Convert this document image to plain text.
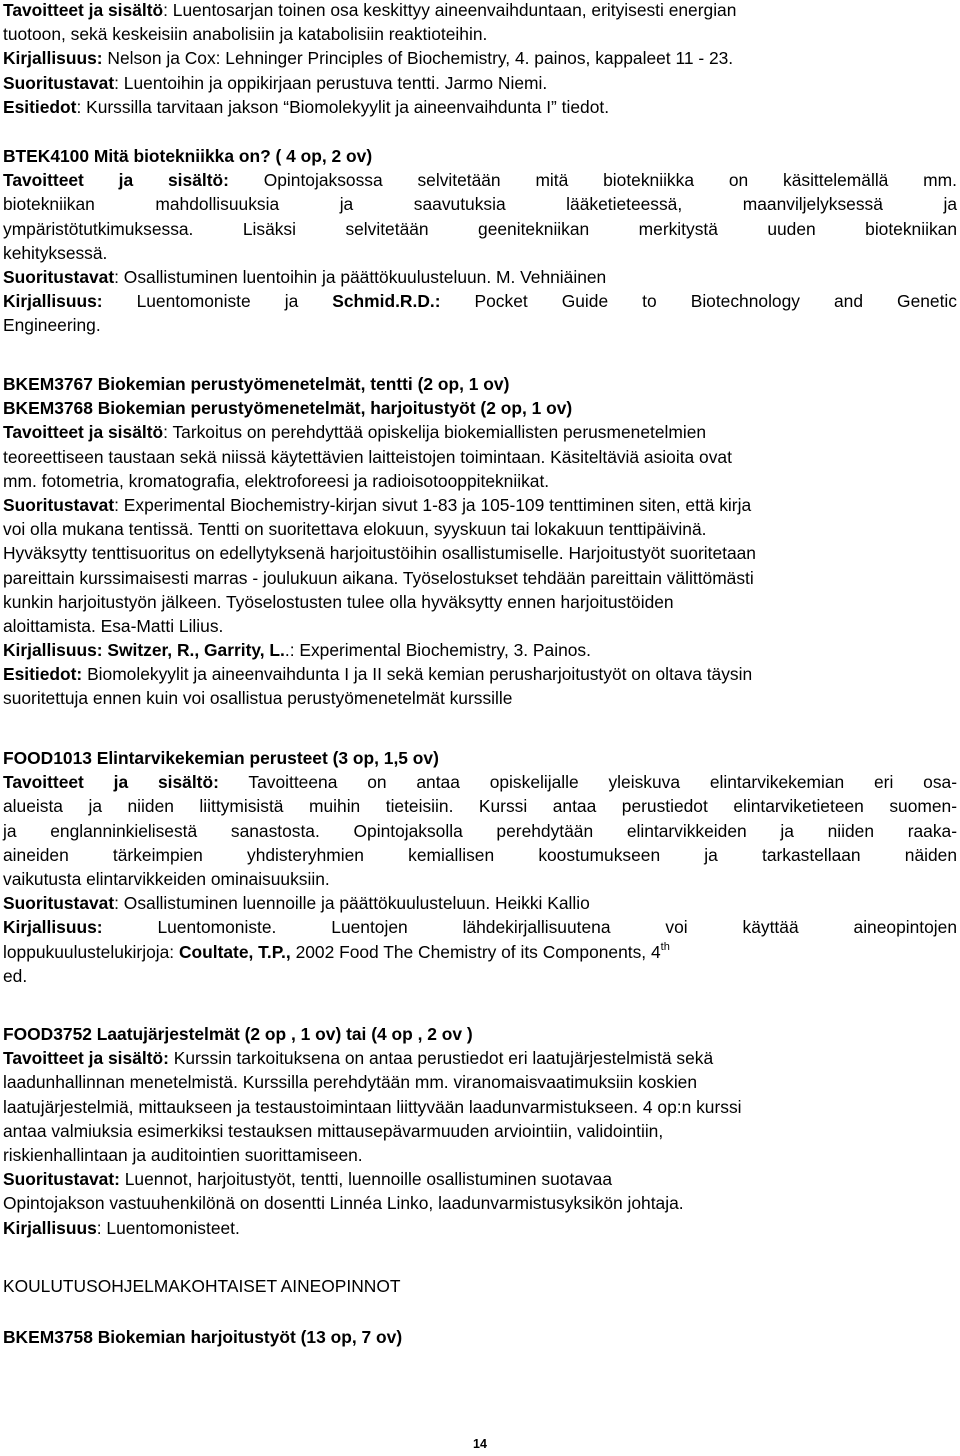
Tavoitteet ja sisältö: Luentosarjan toinen osa keskittyy aineenvaihduntaan, erityisesti energian
tuotoon, sekä keskeisiin anabolisiin ja katabolisiin reaktioteihin.
Kirjallisuus: Nelson ja Cox: Lehninger Principles of Biochemistry, 4. painos, kappaleet 11 - 23.
Suoritustavat: Luentoihin ja oppikirjaan perustuva tentti. Jarmo Niemi.
Esitiedot: Kurssilla tarvitaan jakson “Biomolekyylit ja aineenvaihdunta I” tiedot.
BTEK4100 Mitä biotekniikka on? ( 4 op, 2 ov)
Tavoitteet ja sisältö: Opintojaksossa selvitetään mitä biotekniikka on käsittelemällä mm.
biotekniikan mahdollisuuksia ja saavutuksia lääketieteessä, maanviljelyksessä ja
ympäristötutkimuksessa. Lisäksi selvitetään geenitekniikan merkitystä uuden biotekniikan
kehityksessä.
Suoritustavat: Osallistuminen luentoihin ja päättökuulusteluun. M. Vehniäinen
Kirjallisuus: Luentomoniste ja Schmid.R.D.: Pocket Guide to Biotechnology and Genetic
Engineering.
BKEM3767 Biokemian perustyömenetelmät, tentti (2 op, 1 ov)
BKEM3768 Biokemian perustyömenetelmät, harjoitustyöt (2 op, 1 ov)
Tavoitteet ja sisältö: Tarkoitus on perehdyttää opiskelija biokemiallisten perusmenetelmien
teoreettiseen taustaan sekä niissä käytettävien laitteistojen toimintaan. Käsiteltäviä asioita ovat
mm. fotometria, kromatografia, elektroforeesi ja radioisotooppitekniikat.
Suoritustavat: Experimental Biochemistry-kirjan sivut 1-83 ja 105-109 tenttiminen siten, että kirja
voi olla mukana tentissä. Tentti on suoritettava elokuun, syyskuun tai lokakuun tenttipäivinä.
Hyväksytty tenttisuoritus on edellytyksenä harjoitustöihin osallistumiselle. Harjoitustyöt suoritetaan
pareittain kurssimaisesti marras - joulukuun aikana. Työselostukset tehdään pareittain välittömästi
kunkin harjoitustyön jälkeen. Työselostusten tulee olla hyväksytty ennen harjoitustöiden
aloittamista. Esa-Matti Lilius.
Kirjallisuus: Switzer, R., Garrity, L..: Experimental Biochemistry, 3. Painos.
Esitiedot: Biomolekyylit ja aineenvaihdunta I ja II sekä kemian perusharjoitustyöt on oltava täysin
suoritettuja ennen kuin voi osallistua perustyömenetelmät kurssille
FOOD1013 Elintarvikekemian perusteet (3 op, 1,5 ov)
Tavoitteet ja sisältö: Tavoitteena on antaa opiskelijalle yleiskuva elintarvikekemian eri osa-
alueista ja niiden liittymisistä muihin tieteisiin. Kurssi antaa perustiedot elintarviketieteen suomen-
ja englanninkielisestä sanastosta. Opintojaksolla perehdytään elintarvikkeiden ja niiden raaka-
aineiden tärkeimpien yhdisteryhmien kemiallisen koostumukseen ja tarkastellaan näiden
vaikutusta elintarvikkeiden ominaisuuksiin.
Suoritustavat: Osallistuminen luennoille ja päättökuulusteluun. Heikki Kallio
Kirjallisuus: Luentomoniste. Luentojen lähdekirjallisuutena voi käyttää aineopintojen
loppukuulustelukirjoja: Coultate, T.P., 2002 Food The Chemistry of its Components, 4th
ed.
FOOD3752 Laatujärjestelmät (2 op , 1 ov) tai (4 op , 2 ov )
Tavoitteet ja sisältö: Kurssin tarkoituksena on antaa perustiedot eri laatujärjestelmistä sekä
laadunhallinnan menetelmistä. Kurssilla perehdytään mm. viranomaisvaatimuksiin koskien
laatujärjestelmiä, mittaukseen ja testaustoimintaan liittyvään laadunvarmistukseen. 4 op:n kurssi
antaa valmiuksia esimerkiksi testauksen mittausepävarmuuden arviointiin, validointiin,
riskienhallintaan ja auditointien suorittamiseen.
Suoritustavat: Luennot, harjoitustyöt, tentti, luennoille osallistuminen suotavaa
Opintojakson vastuuhenkilönä on dosentti Linnéa Linko, laadunvarmistusyksikön johtaja.
Kirjallisuus: Luentomonisteet.
KOULUTUSOHJELMAKOHTAISET AINEOPINNOT
BKEM3758 Biokemian harjoitustyöt (13 op, 7 ov)
14
